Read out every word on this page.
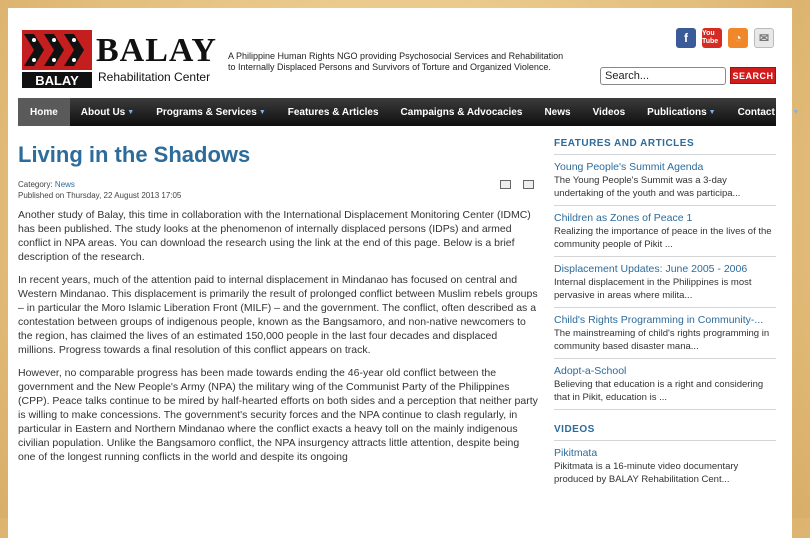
BALAY
BALAY
Rehabilitation Center
A Philippine Human Rights NGO providing Psychosocial Services and Rehabilitation to Internally Displaced Persons and Survivors of Torture and Organized Violence.
f	You Tube	◔	✉
Search...
SEARCH
Home About Us ▼ Programs & Services ▼ Features & Articles Campaigns & Advocacies News Videos Publications ▼ Contact Us ▼
Living in the Shadows
Category: News
Published on Thursday, 22 August 2013 17:05

Another study of Balay, this time in collaboration with the International Displacement Monitoring Center (IDMC) has been published. The study looks at the phenomenon of internally displaced persons (IDPs) and armed conflict in NPA areas. You can download the research using the link at the end of this page. Below is a brief description of the research.

In recent years, much of the attention paid to internal displacement in Mindanao has focused on central and Western Mindanao. This displacement is primarily the result of prolonged conflict between Muslim rebels groups – in particular the Moro Islamic Liberation Front (MILF) – and the government. The conflict, often described as a contestation between groups of indigenous people, known as the Bangsamoro, and non-native newcomers to the region, has claimed the lives of an estimated 150,000 people in the last four decades and displaced millions. Progress towards a final resolution of this conflict appears on track.

However, no comparable progress has been made towards ending the 46-year old conflict between the government and the New People's Army (NPA) the military wing of the Communist Party of the Philippines (CPP). Peace talks continue to be mired by half-hearted efforts on both sides and a perception that neither party is willing to make concessions. The government's security forces and the NPA continue to clash regularly, in particular in Eastern and Northern Mindanao where the conflict exacts a heavy toll on the mainly indigenous civilian population. Unlike the Bangsamoro conflict, the NPA insurgency attracts little attention, despite being one of the longest running conflicts in the world and despite its ongoing

FEATURES AND ARTICLES
Young People's Summit Agenda
The Young People's Summit was a 3-day undertaking of the youth and was participa...
Children as Zones of Peace 1
Realizing the importance of peace in the lives of the community people of Pikit ...
Displacement Updates: June 2005 - 2006
Internal displacement in the Philippines is most pervasive in areas where milita...
Child's Rights Programming in Community-...
The mainstreaming of child's rights programming in community based disaster mana...
Adopt-a-School
Believing that education is a right and considering that in Pikit, education is ...
VIDEOS
Pikitmata
Pikitmata is a 16-minute video documentary produced by BALAY Rehabilitation Cent...
